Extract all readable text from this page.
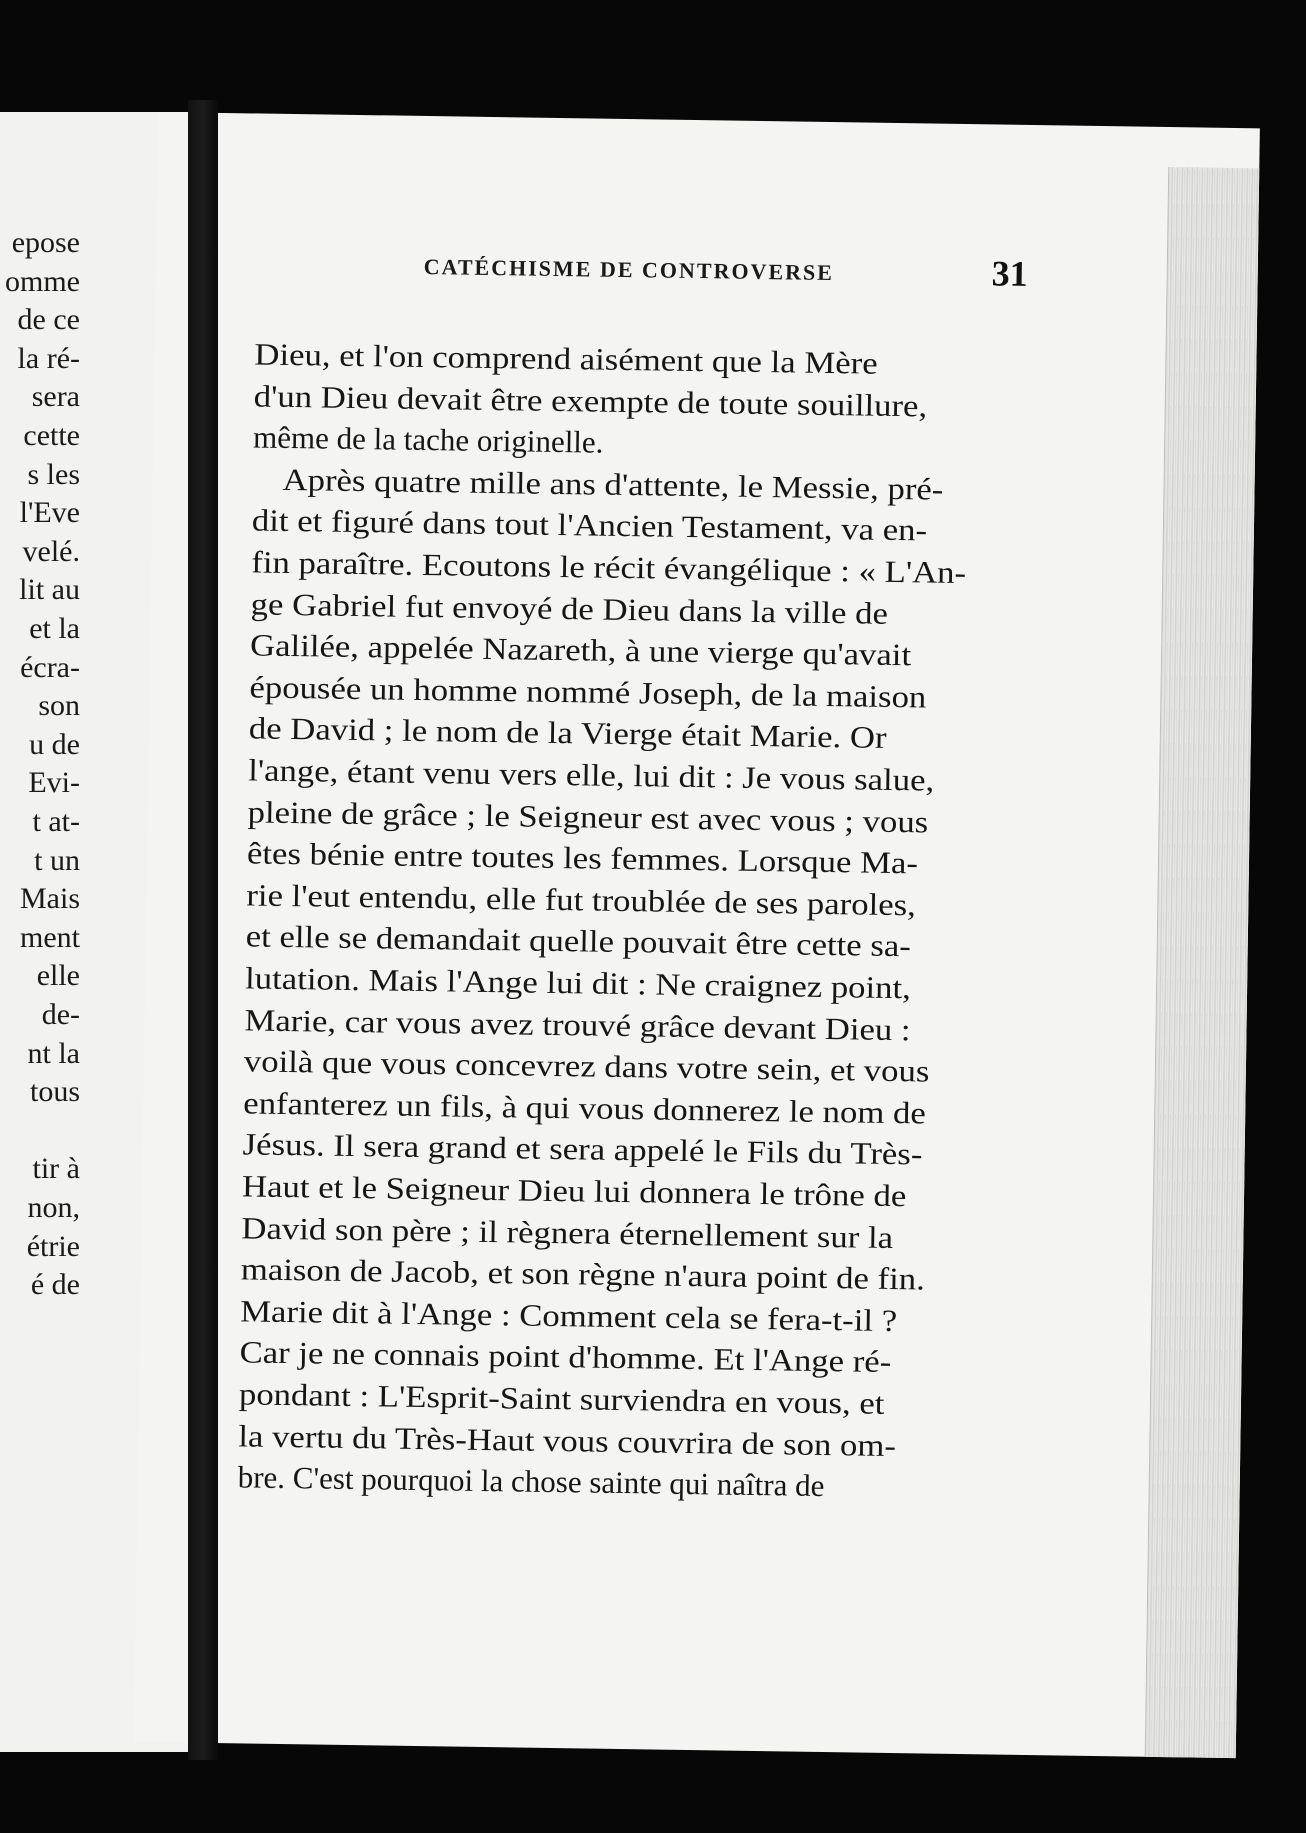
epose
omme
de ce
la ré-
sera
cette
s les
l'Eve
velé.
lit au
et la
écra-
son
u de
Evi-
t at-
t un
Mais
ment
elle
de-
nt la
tous
tir à
non,
étrie
é de
CATÉCHISME DE CONTROVERSE	31
Dieu, et l'on comprend aisément que la Mère
d'un Dieu devait être exempte de toute souillure,
même de la tache originelle.
Après quatre mille ans d'attente, le Messie, pré-
dit et figuré dans tout l'Ancien Testament, va en-
fin paraître. Ecoutons le récit évangélique : « L'An-
ge Gabriel fut envoyé de Dieu dans la ville de
Galilée, appelée Nazareth, à une vierge qu'avait
épousée un homme nommé Joseph, de la maison
de David ; le nom de la Vierge était Marie. Or
l'ange, étant venu vers elle, lui dit : Je vous salue,
pleine de grâce ; le Seigneur est avec vous ; vous
êtes bénie entre toutes les femmes. Lorsque Ma-
rie l'eut entendu, elle fut troublée de ses paroles,
et elle se demandait quelle pouvait être cette sa-
lutation. Mais l'Ange lui dit : Ne craignez point,
Marie, car vous avez trouvé grâce devant Dieu :
voilà que vous concevrez dans votre sein, et vous
enfanterez un fils, à qui vous donnerez le nom de
Jésus. Il sera grand et sera appelé le Fils du Très-
Haut et le Seigneur Dieu lui donnera le trône de
David son père ; il règnera éternellement sur la
maison de Jacob, et son règne n'aura point de fin.
Marie dit à l'Ange : Comment cela se fera-t-il ?
Car je ne connais point d'homme. Et l'Ange ré-
pondant : L'Esprit-Saint surviendra en vous, et
la vertu du Très-Haut vous couvrira de son om-
bre. C'est pourquoi la chose sainte qui naîtra de
